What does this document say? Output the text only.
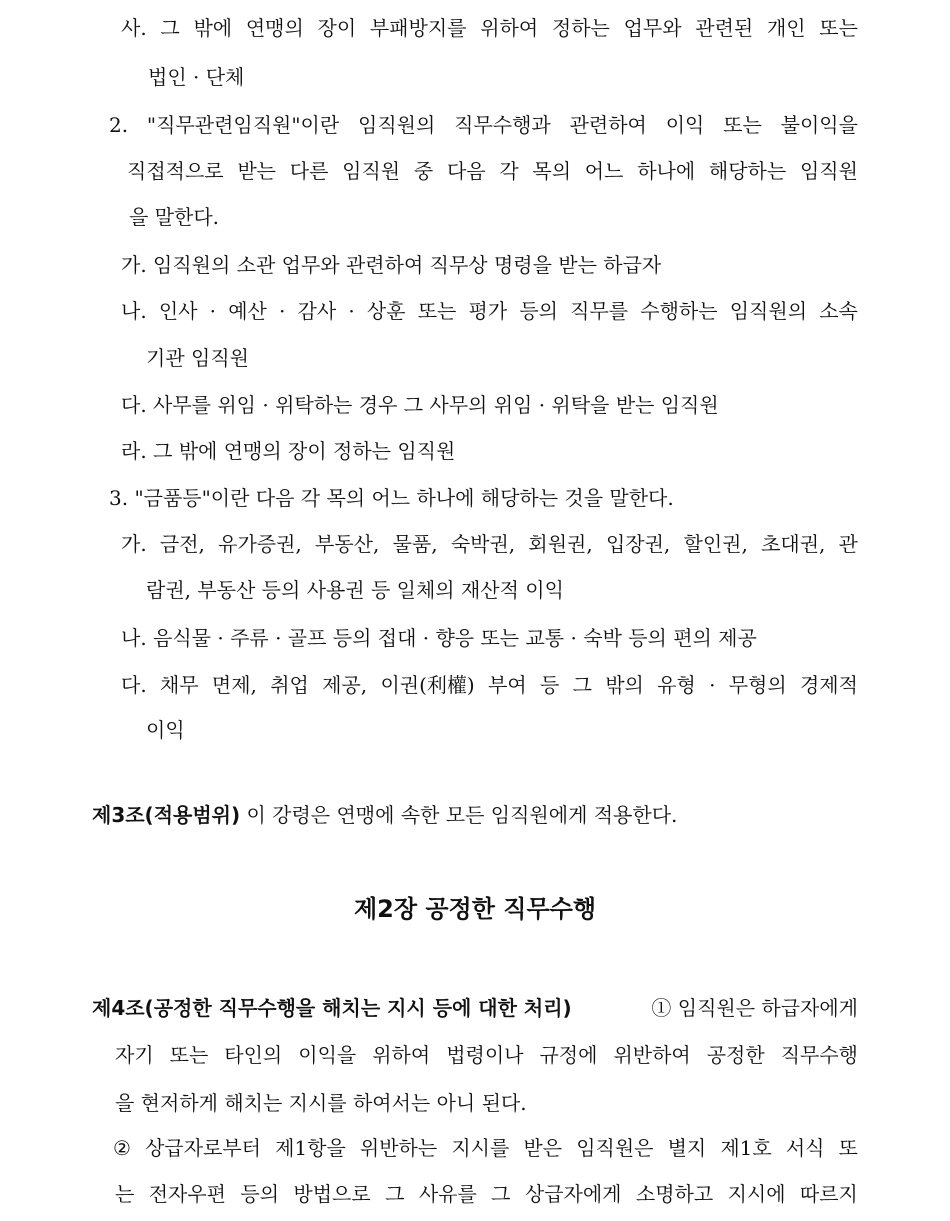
사. 그 밖에 연맹의 장이 부패방지를 위하여 정하는 업무와 관련된 개인 또는
법인 · 단체
2. "직무관련임직원"이란 임직원의 직무수행과 관련하여 이익 또는 불이익을
직접적으로 받는 다른 임직원 중 다음 각 목의 어느 하나에 해당하는 임직원
을 말한다.
가. 임직원의 소관 업무와 관련하여 직무상 명령을 받는 하급자
나. 인사 · 예산 · 감사 · 상훈 또는 평가 등의 직무를 수행하는 임직원의 소속
기관 임직원
다. 사무를 위임 · 위탁하는 경우 그 사무의 위임 · 위탁을 받는 임직원
라. 그 밖에 연맹의 장이 정하는 임직원
3. "금품등"이란 다음 각 목의 어느 하나에 해당하는 것을 말한다.
가. 금전, 유가증권, 부동산, 물품, 숙박권, 회원권, 입장권, 할인권, 초대권, 관
람권, 부동산 등의 사용권 등 일체의 재산적 이익
나. 음식물 · 주류 · 골프 등의 접대 · 향응 또는 교통 · 숙박 등의 편의 제공
다. 채무 면제, 취업 제공, 이권(利權) 부여 등 그 밖의 유형 · 무형의 경제적
이익
제3조(적용범위) 이 강령은 연맹에 속한 모든 임직원에게 적용한다.
제2장 공정한 직무수행
제4조(공정한 직무수행을 해치는 지시 등에 대한 처리)	① 임직원은 하급자에게
자기 또는 타인의 이익을 위하여 법령이나 규정에 위반하여 공정한 직무수행
을 현저하게 해치는 지시를 하여서는 아니 된다.
② 상급자로부터 제1항을 위반하는 지시를 받은 임직원은 별지 제1호 서식 또
는 전자우편 등의 방법으로 그 사유를 그 상급자에게 소명하고 지시에 따르지
